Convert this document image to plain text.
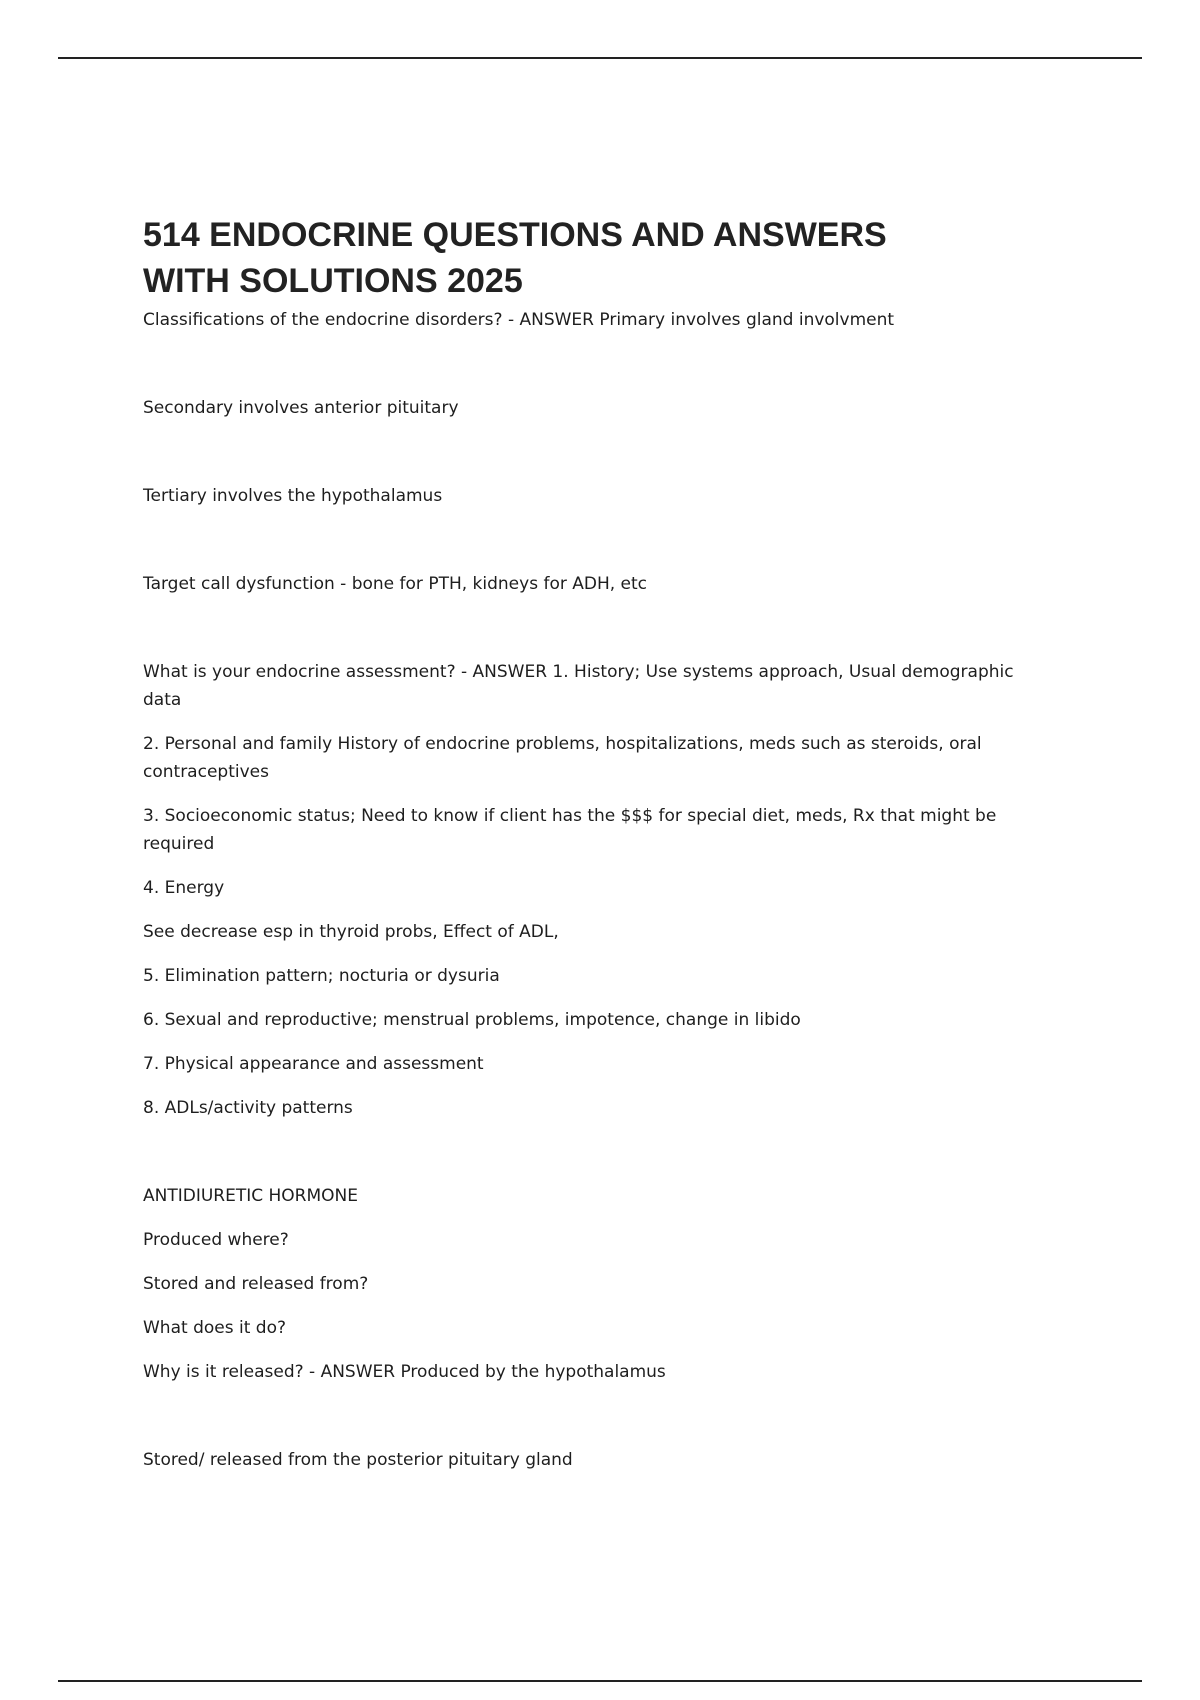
514 ENDOCRINE QUESTIONS AND ANSWERS
WITH SOLUTIONS 2025

Classifications of the endocrine disorders? - ANSWER Primary involves gland involvment

Secondary involves anterior pituitary

Tertiary involves the hypothalamus

Target call dysfunction - bone for PTH, kidneys for ADH, etc

What is your endocrine assessment? - ANSWER 1. History; Use systems approach, Usual demographic data

2. Personal and family History of endocrine problems, hospitalizations, meds such as steroids, oral contraceptives

3. Socioeconomic status; Need to know if client has the $$$ for special diet, meds, Rx that might be required

4. Energy

See decrease esp in thyroid probs, Effect of ADL,

5. Elimination pattern; nocturia or dysuria

6. Sexual and reproductive; menstrual problems, impotence, change in libido

7. Physical appearance and assessment

8. ADLs/activity patterns

ANTIDIURETIC HORMONE

Produced where?

Stored and released from?

What does it do?

Why is it released? - ANSWER Produced by the hypothalamus

Stored/ released from the posterior pituitary gland
